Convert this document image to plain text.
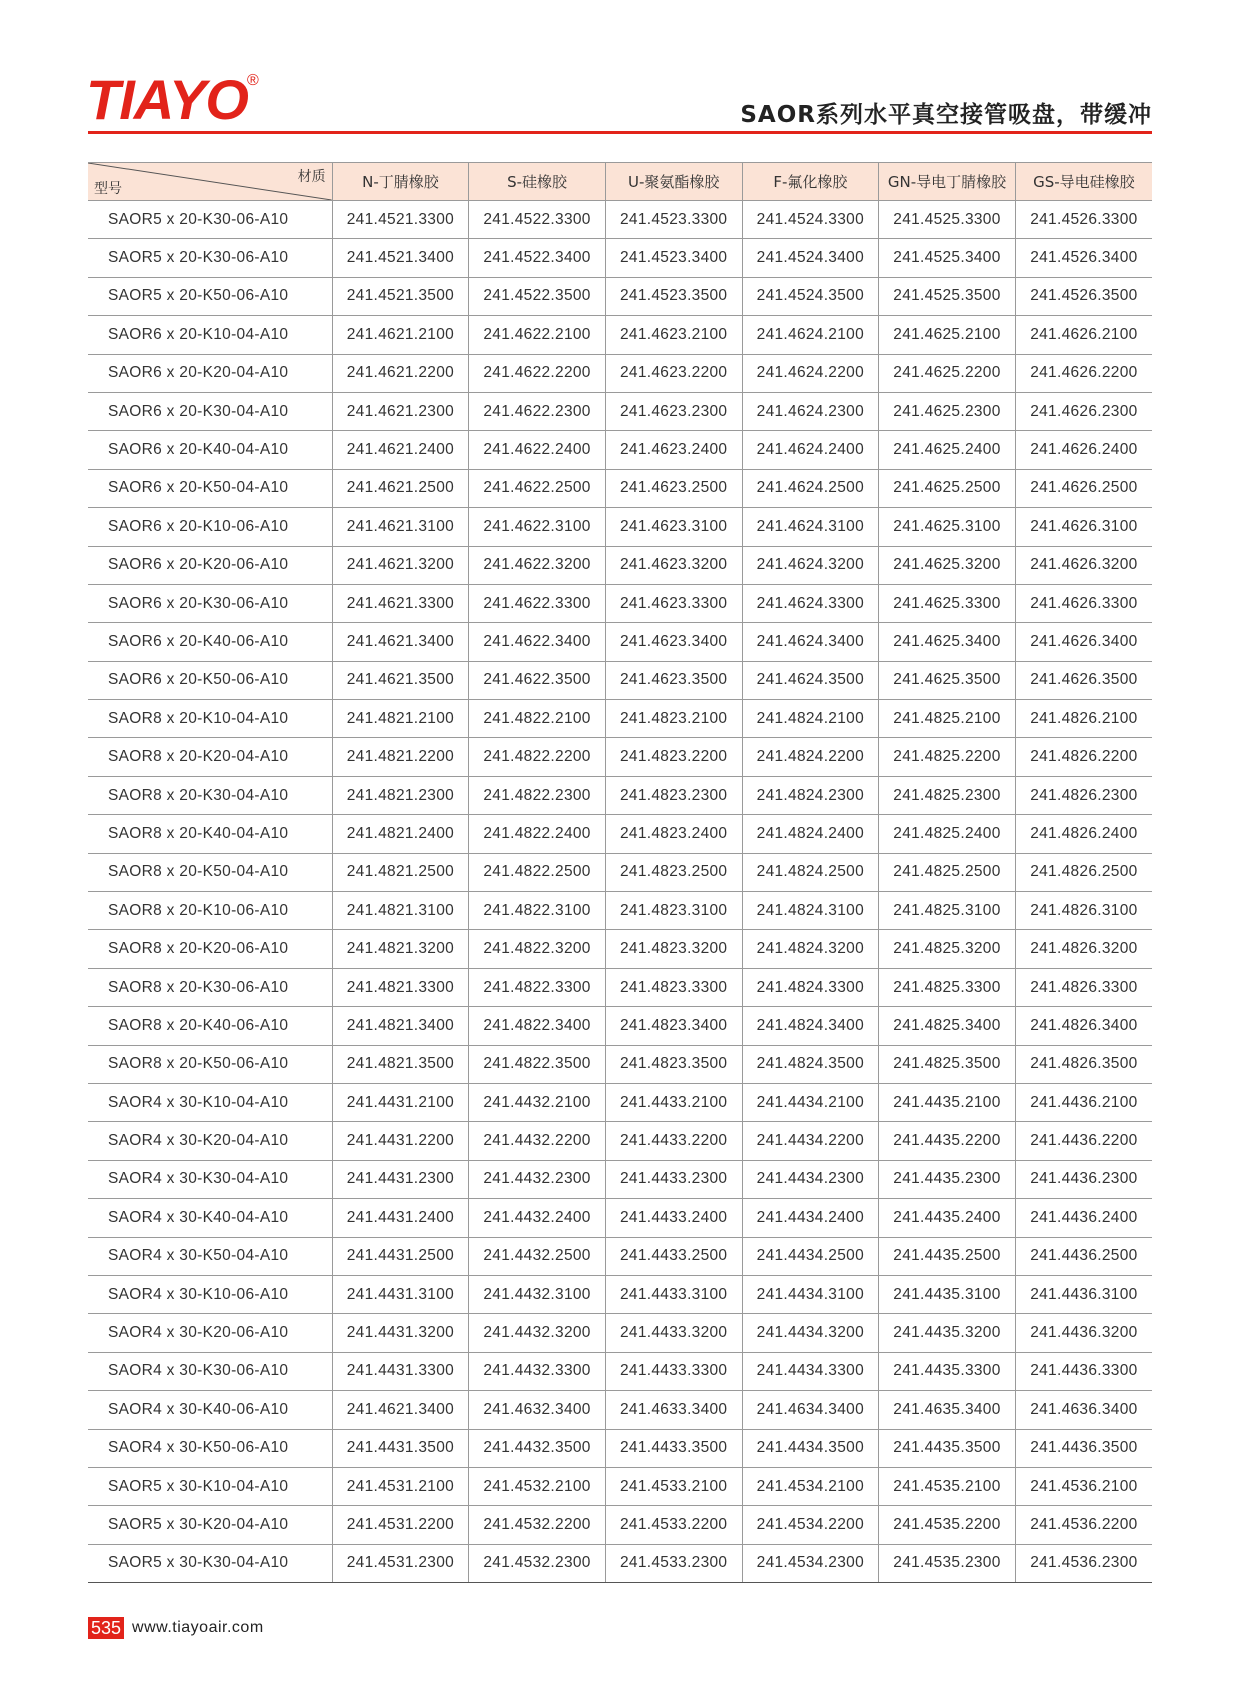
TIAYO ®
SAOR系列水平真空接管吸盘，带缓冲
材质
型号	N-丁腈橡胶	S-硅橡胶	U-聚氨酯橡胶	F-氟化橡胶	GN-导电丁腈橡胶	GS-导电硅橡胶
SAOR5 x 20-K30-06-A10	241.4521.3300	241.4522.3300	241.4523.3300	241.4524.3300	241.4525.3300	241.4526.3300
SAOR5 x 20-K30-06-A10	241.4521.3400	241.4522.3400	241.4523.3400	241.4524.3400	241.4525.3400	241.4526.3400
SAOR5 x 20-K50-06-A10	241.4521.3500	241.4522.3500	241.4523.3500	241.4524.3500	241.4525.3500	241.4526.3500
SAOR6 x 20-K10-04-A10	241.4621.2100	241.4622.2100	241.4623.2100	241.4624.2100	241.4625.2100	241.4626.2100
SAOR6 x 20-K20-04-A10	241.4621.2200	241.4622.2200	241.4623.2200	241.4624.2200	241.4625.2200	241.4626.2200
SAOR6 x 20-K30-04-A10	241.4621.2300	241.4622.2300	241.4623.2300	241.4624.2300	241.4625.2300	241.4626.2300
SAOR6 x 20-K40-04-A10	241.4621.2400	241.4622.2400	241.4623.2400	241.4624.2400	241.4625.2400	241.4626.2400
SAOR6 x 20-K50-04-A10	241.4621.2500	241.4622.2500	241.4623.2500	241.4624.2500	241.4625.2500	241.4626.2500
SAOR6 x 20-K10-06-A10	241.4621.3100	241.4622.3100	241.4623.3100	241.4624.3100	241.4625.3100	241.4626.3100
SAOR6 x 20-K20-06-A10	241.4621.3200	241.4622.3200	241.4623.3200	241.4624.3200	241.4625.3200	241.4626.3200
SAOR6 x 20-K30-06-A10	241.4621.3300	241.4622.3300	241.4623.3300	241.4624.3300	241.4625.3300	241.4626.3300
SAOR6 x 20-K40-06-A10	241.4621.3400	241.4622.3400	241.4623.3400	241.4624.3400	241.4625.3400	241.4626.3400
SAOR6 x 20-K50-06-A10	241.4621.3500	241.4622.3500	241.4623.3500	241.4624.3500	241.4625.3500	241.4626.3500
SAOR8 x 20-K10-04-A10	241.4821.2100	241.4822.2100	241.4823.2100	241.4824.2100	241.4825.2100	241.4826.2100
SAOR8 x 20-K20-04-A10	241.4821.2200	241.4822.2200	241.4823.2200	241.4824.2200	241.4825.2200	241.4826.2200
SAOR8 x 20-K30-04-A10	241.4821.2300	241.4822.2300	241.4823.2300	241.4824.2300	241.4825.2300	241.4826.2300
SAOR8 x 20-K40-04-A10	241.4821.2400	241.4822.2400	241.4823.2400	241.4824.2400	241.4825.2400	241.4826.2400
SAOR8 x 20-K50-04-A10	241.4821.2500	241.4822.2500	241.4823.2500	241.4824.2500	241.4825.2500	241.4826.2500
SAOR8 x 20-K10-06-A10	241.4821.3100	241.4822.3100	241.4823.3100	241.4824.3100	241.4825.3100	241.4826.3100
SAOR8 x 20-K20-06-A10	241.4821.3200	241.4822.3200	241.4823.3200	241.4824.3200	241.4825.3200	241.4826.3200
SAOR8 x 20-K30-06-A10	241.4821.3300	241.4822.3300	241.4823.3300	241.4824.3300	241.4825.3300	241.4826.3300
SAOR8 x 20-K40-06-A10	241.4821.3400	241.4822.3400	241.4823.3400	241.4824.3400	241.4825.3400	241.4826.3400
SAOR8 x 20-K50-06-A10	241.4821.3500	241.4822.3500	241.4823.3500	241.4824.3500	241.4825.3500	241.4826.3500
SAOR4 x 30-K10-04-A10	241.4431.2100	241.4432.2100	241.4433.2100	241.4434.2100	241.4435.2100	241.4436.2100
SAOR4 x 30-K20-04-A10	241.4431.2200	241.4432.2200	241.4433.2200	241.4434.2200	241.4435.2200	241.4436.2200
SAOR4 x 30-K30-04-A10	241.4431.2300	241.4432.2300	241.4433.2300	241.4434.2300	241.4435.2300	241.4436.2300
SAOR4 x 30-K40-04-A10	241.4431.2400	241.4432.2400	241.4433.2400	241.4434.2400	241.4435.2400	241.4436.2400
SAOR4 x 30-K50-04-A10	241.4431.2500	241.4432.2500	241.4433.2500	241.4434.2500	241.4435.2500	241.4436.2500
SAOR4 x 30-K10-06-A10	241.4431.3100	241.4432.3100	241.4433.3100	241.4434.3100	241.4435.3100	241.4436.3100
SAOR4 x 30-K20-06-A10	241.4431.3200	241.4432.3200	241.4433.3200	241.4434.3200	241.4435.3200	241.4436.3200
SAOR4 x 30-K30-06-A10	241.4431.3300	241.4432.3300	241.4433.3300	241.4434.3300	241.4435.3300	241.4436.3300
SAOR4 x 30-K40-06-A10	241.4621.3400	241.4632.3400	241.4633.3400	241.4634.3400	241.4635.3400	241.4636.3400
SAOR4 x 30-K50-06-A10	241.4431.3500	241.4432.3500	241.4433.3500	241.4434.3500	241.4435.3500	241.4436.3500
SAOR5 x 30-K10-04-A10	241.4531.2100	241.4532.2100	241.4533.2100	241.4534.2100	241.4535.2100	241.4536.2100
SAOR5 x 30-K20-04-A10	241.4531.2200	241.4532.2200	241.4533.2200	241.4534.2200	241.4535.2200	241.4536.2200
SAOR5 x 30-K30-04-A10	241.4531.2300	241.4532.2300	241.4533.2300	241.4534.2300	241.4535.2300	241.4536.2300
535 www.tiayoair.com
